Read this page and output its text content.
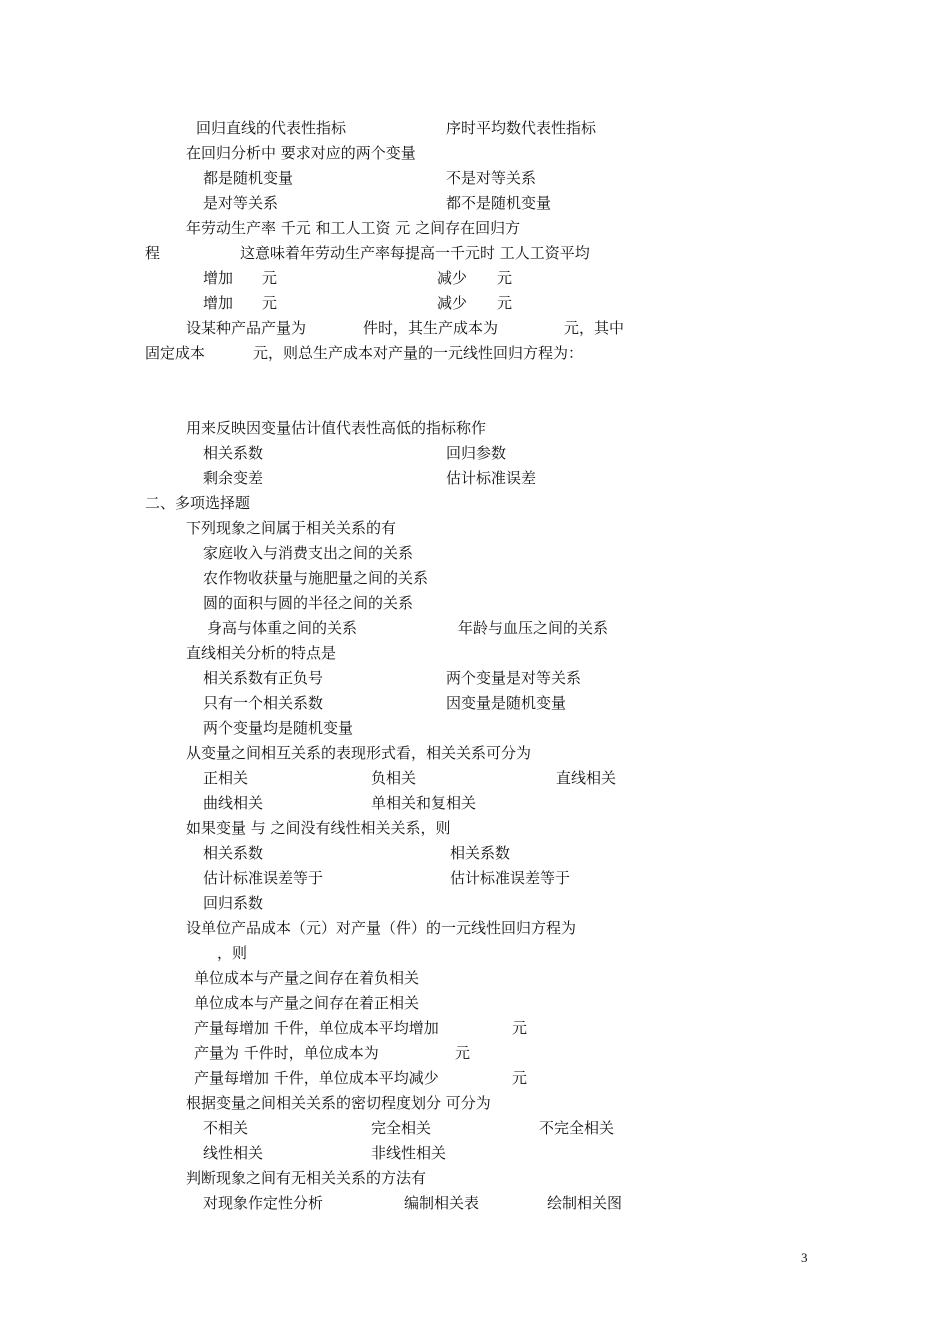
回归直线的代表性指标	序时平均数代表性指标
在回归分析中 要求对应的两个变量
都是随机变量	不是对等关系
是对等关系	都不是随机变量
年劳动生产率 千元 和工人工资 元 之间存在回归方
程	这意味着年劳动生产率每提高一千元时 工人工资平均
增加 元	减少 元
增加 元	减少 元
设某种产品产量为	件时，其生产成本为	元，其中
固定成本	元，则总生产成本对产量的一元线性回归方程为：
用来反映因变量估计值代表性高低的指标称作
相关系数	回归参数
剩余变差	估计标准误差
二、多项选择题
下列现象之间属于相关关系的有
家庭收入与消费支出之间的关系
农作物收获量与施肥量之间的关系
圆的面积与圆的半径之间的关系
身高与体重之间的关系	年龄与血压之间的关系
直线相关分析的特点是
相关系数有正负号	两个变量是对等关系
只有一个相关系数	因变量是随机变量
两个变量均是随机变量
从变量之间相互关系的表现形式看，相关关系可分为
正相关	负相关	直线相关
曲线相关	单相关和复相关
如果变量 与 之间没有线性相关关系，则
相关系数	相关系数
估计标准误差等于	估计标准误差等于
回归系数
设单位产品成本（元）对产量（件）的一元线性回归方程为
，则
单位成本与产量之间存在着负相关
单位成本与产量之间存在着正相关
产量每增加 千件，单位成本平均增加	元
产量为 千件时，单位成本为	元
产量每增加 千件，单位成本平均减少	元
根据变量之间相关关系的密切程度划分 可分为
不相关	完全相关	不完全相关
线性相关	非线性相关
判断现象之间有无相关关系的方法有
对现象作定性分析	编制相关表	绘制相关图
3
